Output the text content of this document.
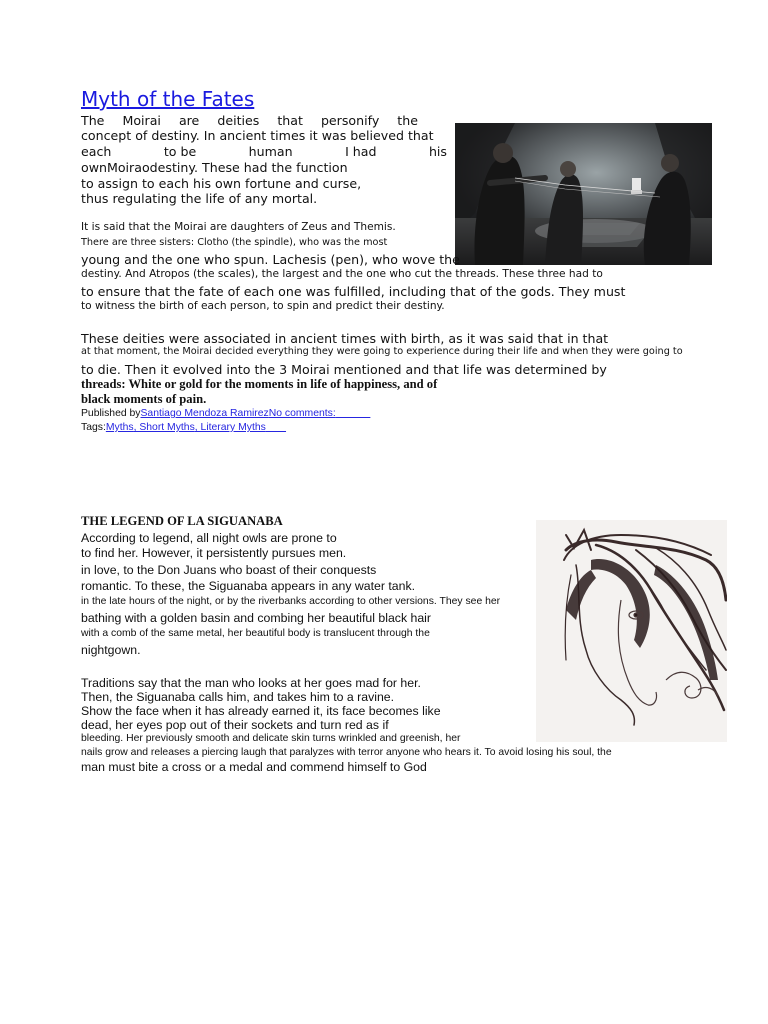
Myth of the Fates
The Moirai are deities that personify the
concept of destiny. In ancient times it was believed that
each	to be	human	I had	his
ownMoiraodestiny. These had the function
to assign to each his own fortune and curse,
thus regulating the life of any mortal.
It is said that the Moirai are daughters of Zeus and Themis.
There are three sisters: Clotho (the spindle), who was the most
young and the one who spun. Lachesis (pen), who wove the
destiny. And Atropos (the scales), the largest and the one who cut the threads. These three had to
to ensure that the fate of each one was fulfilled, including that of the gods. They must
to witness the birth of each person, to spin and predict their destiny.
These deities were associated in ancient times with birth, as it was said that in that
at that moment, the Moirai decided everything they were going to experience during their life and when they were going to
to die. Then it evolved into the 3 Moirai mentioned and that life was determined by
threads: White or gold for the moments in life of happiness, and of
black moments of pain.
Published bySantiago Mendoza RamirezNo comments:
Tags:Myths, Short Myths, Literary Myths
THE LEGEND OF LA SIGUANABA
According to legend, all night owls are prone to
to find her. However, it persistently pursues men.
in love, to the Don Juans who boast of their conquests
romantic. To these, the Siguanaba appears in any water tank.
in the late hours of the night, or by the riverbanks according to other versions. They see her
bathing with a golden basin and combing her beautiful black hair
with a comb of the same metal, her beautiful body is translucent through the
nightgown.
Traditions say that the man who looks at her goes mad for her.
Then, the Siguanaba calls him, and takes him to a ravine.
Show the face when it has already earned it, its face becomes like
dead, her eyes pop out of their sockets and turn red as if
bleeding. Her previously smooth and delicate skin turns wrinkled and greenish, her
nails grow and releases a piercing laugh that paralyzes with terror anyone who hears it. To avoid losing his soul, the
man must bite a cross or a medal and commend himself to God
